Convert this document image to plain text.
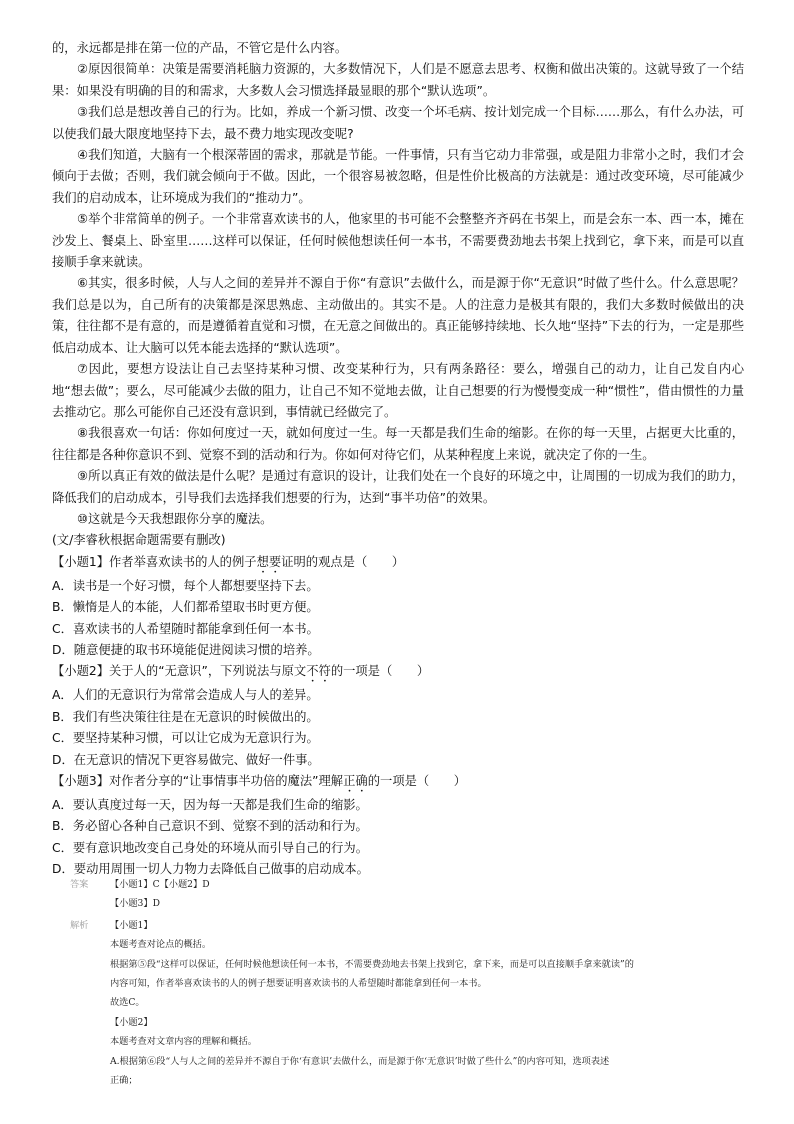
的，永远都是排在第一位的产品，不管它是什么内容。

②原因很简单：决策是需要消耗脑力资源的，大多数情况下，人们是不愿意去思考、权衡和做出决策的。这就导致了一个结果：如果没有明确的目的和需求，大多数人会习惯选择最显眼的那个“默认选项”。

③我们总是想改善自己的行为。比如，养成一个新习惯、改变一个坏毛病、按计划完成一个目标……那么，有什么办法，可以使我们最大限度地坚持下去，最不费力地实现改变呢?

④我们知道，大脑有一个根深蒂固的需求，那就是节能。一件事情，只有当它动力非常强，或是阻力非常小之时，我们才会倾向于去做；否则，我们就会倾向于不做。因此，一个很容易被忽略，但是性价比极高的方法就是：通过改变环境，尽可能减少我们的启动成本，让环境成为我们的“推动力”。

⑤举个非常简单的例子。一个非常喜欢读书的人，他家里的书可能不会整整齐齐码在书架上，而是会东一本、西一本，摊在沙发上、餐桌上、卧室里……这样可以保证，任何时候他想读任何一本书，不需要费劲地去书架上找到它，拿下来，而是可以直接顺手拿来就读。

⑥其实，很多时候，人与人之间的差异并不源自于你“有意识”去做什么，而是源于你“无意识”时做了些什么。什么意思呢？我们总是以为，自己所有的决策都是深思熟虑、主动做出的。其实不是。人的注意力是极其有限的，我们大多数时候做出的决策，往往都不是有意的，而是遵循着直觉和习惯，在无意之间做出的。真正能够持续地、长久地“坚持”下去的行为，一定是那些低启动成本、让大脑可以凭本能去选择的“默认选项”。

⑦因此，要想方设法让自己去坚持某种习惯、改变某种行为，只有两条路径：要么，增强自己的动力，让自己发自内心地“想去做”；要么，尽可能减少去做的阻力，让自己不知不觉地去做，让自己想要的行为慢慢变成一种“惯性”，借由惯性的力量去推动它。那么可能你自己还没有意识到，事情就已经做完了。

⑧我很喜欢一句话：你如何度过一天，就如何度过一生。每一天都是我们生命的缩影。在你的每一天里，占据更大比重的，往往都是各种你意识不到、觉察不到的活动和行为。你如何对待它们，从某种程度上来说，就决定了你的一生。

⑨所以真正有效的做法是什么呢？是通过有意识的设计，让我们处在一个良好的环境之中，让周围的一切成为我们的助力，降低我们的启动成本，引导我们去选择我们想要的行为，达到“事半功倍”的效果。

⑩这就是今天我想跟你分享的魔法。

(文/李睿秋根据命题需要有删改)

【小题1】作者举喜欢读书的人的例子想要证明的观点是（　　）

A．读书是一个好习惯，每个人都想要坚持下去。

B．懒惰是人的本能，人们都希望取书时更方便。

C．喜欢读书的人希望随时都能拿到任何一本书。

D．随意便捷的取书环境能促进阅读习惯的培养。

【小题2】关于人的“无意识”，下列说法与原文不符的一项是（　　）

A．人们的无意识行为常常会造成人与人的差异。

B．我们有些决策往往是在无意识的时候做出的。

C．要坚持某种习惯，可以让它成为无意识行为。

D．在无意识的情况下更容易做完、做好一件事。

【小题3】对作者分享的“让事情事半功倍的魔法”理解正确的一项是（　　）

A．要认真度过每一天，因为每一天都是我们生命的缩影。

B．务必留心各种自己意识不到、觉察不到的活动和行为。

C．要有意识地改变自己身处的环境从而引导自己的行为。

D．要动用周围一切人力物力去降低自己做事的启动成本。

答案	【小题1】C【小题2】D

【小题3】D

解析	【小题1】

本题考查对论点的概括。

根据第⑤段“这样可以保证，任何时候他想读任何一本书，不需要费劲地去书架上找到它，拿下来，而是可以直接顺手拿来就读”的

内容可知，作者举喜欢读书的人的例子想要证明喜欢读书的人希望随时都能拿到任何一本书。

故选C。

【小题2】

本题考查对文章内容的理解和概括。

A.根据第⑥段“人与人之间的差异并不源自于你‘有意识’去做什么，而是源于你‘无意识’时做了些什么”的内容可知，选项表述

正确；
